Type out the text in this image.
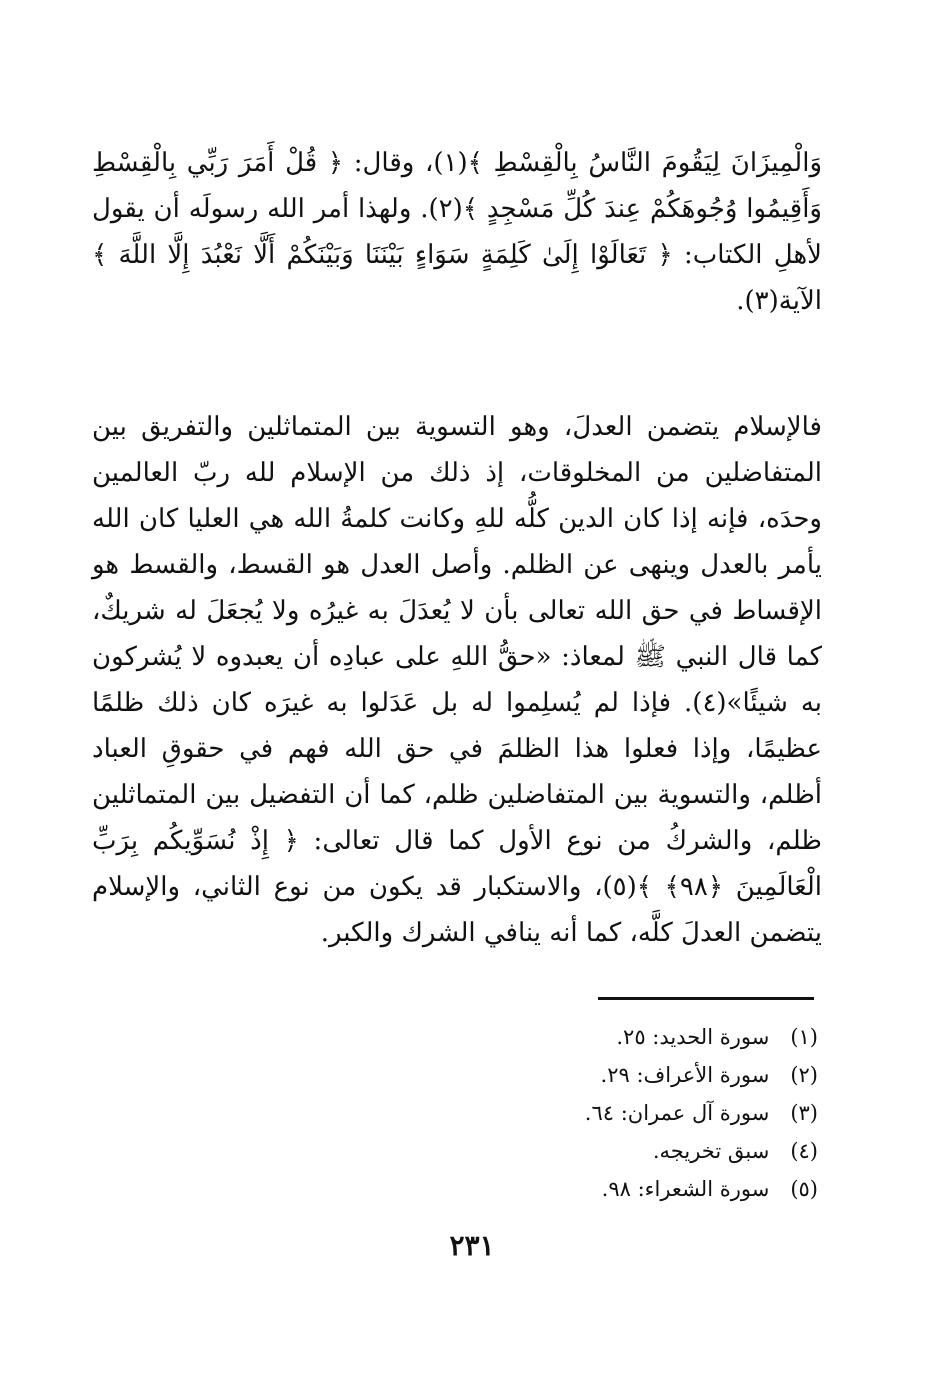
وَالْمِيزَانَ لِيَقُومَ النَّاسُ بِالْقِسْطِ ﴾(١)، وقال: ﴿ قُلْ أَمَرَ رَبِّي بِالْقِسْطِ وَأَقِيمُوا وُجُوهَكُمْ عِندَ كُلِّ مَسْجِدٍ ﴾(٢). ولهذا أمر الله رسولَه أن يقول لأهلِ الكتاب: ﴿ تَعَالَوْا إِلَىٰ كَلِمَةٍ سَوَاءٍ بَيْنَنَا وَبَيْنَكُمْ أَلَّا نَعْبُدَ إِلَّا اللَّهَ ﴾ الآية(٣).

فالإسلام يتضمن العدلَ، وهو التسوية بين المتماثلين والتفريق بين المتفاضلين من المخلوقات، إذ ذلك من الإسلام لله ربّ العالمين وحدَه، فإنه إذا كان الدين كلُّه للهِ وكانت كلمةُ الله هي العليا كان الله يأمر بالعدل وينهى عن الظلم. وأصل العدل هو القسط، والقسط هو الإقساط في حق الله تعالى بأن لا يُعدَلَ به غيرُه ولا يُجعَلَ له شريكٌ، كما قال النبي ﷺ لمعاذ: «حقُّ اللهِ على عبادِه أن يعبدوه لا يُشركون به شيئًا»(٤). فإذا لم يُسلِموا له بل عَدَلوا به غيرَه كان ذلك ظلمًا عظيمًا، وإذا فعلوا هذا الظلمَ في حق الله فهم في حقوقِ العباد أظلم، والتسوية بين المتفاضلين ظلم، كما أن التفضيل بين المتماثلين ظلم، والشركُ من نوع الأول كما قال تعالى: ﴿ إِذْ نُسَوِّيكُم بِرَبِّ الْعَالَمِينَ ﴿٩٨﴾ ﴾(٥)، والاستكبار قد يكون من نوع الثاني، والإسلام يتضمن العدلَ كلَّه، كما أنه ينافي الشرك والكبر.

(١) سورة الحديد: ٢٥.
(٢) سورة الأعراف: ٢٩.
(٣) سورة آل عمران: ٦٤.
(٤) سبق تخريجه.
(٥) سورة الشعراء: ٩٨.
٢٣١
